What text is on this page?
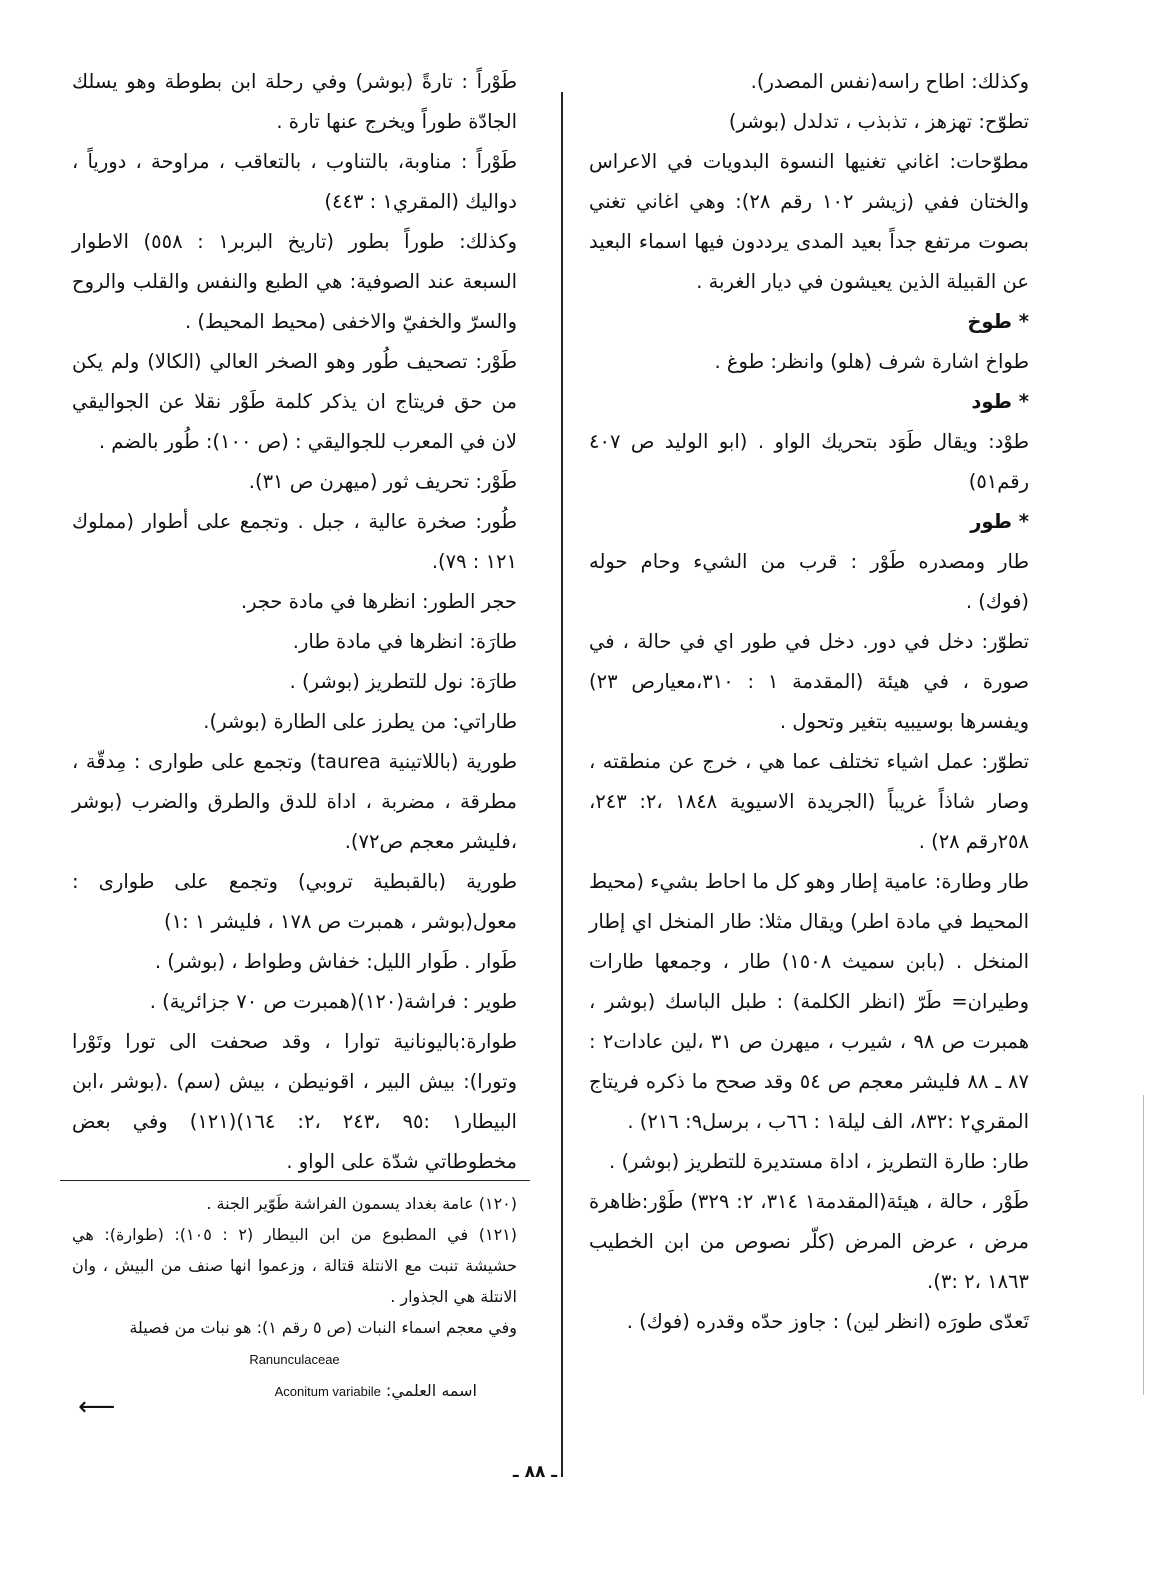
وكذلك: اطاح راسه(نفس المصدر).

تطوّح: تهزهز ، تذبذب ، تدلدل (بوشر)

مطوّحات: اغاني تغنيها النسوة البدويات في الاعراس والختان ففي (زيشر ١٠٢ رقم ٢٨): وهي اغاني تغني بصوت مرتفع جداً بعيد المدى يرددون فيها اسماء البعيد عن القبيلة الذين يعيشون في ديار الغربة .

* طوخ

طواخ اشارة شرف (هلو) وانظر: طوغ .

* طود

طوْد: ويقال طَوَد بتحريك الواو . (ابو الوليد ص ٤٠٧ رقم٥١)

* طور

طار ومصدره طَوْر : قرب من الشيء وحام حوله (فوك) .

تطوّر: دخل في دور. دخل في طور اي في حالة ، في صورة ، في هيئة (المقدمة ١ : ٣١٠،معيارص ٢٣) ويفسرها بوسيبيه بتغير وتحول .

تطوّر: عمل اشياء تختلف عما هي ، خرج عن منطقته ، وصار شاذاً غريباً (الجريدة الاسيوية ١٨٤٨ ،٢: ٢٤٣، ٢٥٨رقم ٢٨) .

طار وطارة: عامية إطار وهو كل ما احاط بشيء (محيط المحيط في مادة اطر) ويقال مثلا: طار المنخل اي إطار المنخل . (بابن سميث ١٥٠٨) طار ، وجمعها طارات وطيران= طَرّ (انظر الكلمة) : طبل الباسك (بوشر ، همبرت ص ٩٨ ، شيرب ، ميهرن ص ٣١ ،لين عادات٢ : ٨٧ ـ ٨٨ فليشر معجم ص ٥٤ وقد صحح ما ذكره فريتاج المقري٢ :٨٣٢، الف ليلة١ : ٦٦ب ، برسل٩: ٢١٦) .

طار: طارة التطريز ، اداة مستديرة للتطريز (بوشر) .

طَوْر ، حالة ، هيئة(المقدمة١ ٣١٤، ٢: ٣٢٩) طَوْر:ظاهرة مرض ، عرض المرض (كلّر نصوص من ابن الخطيب ١٨٦٣ ،٢ :٣).

تَعدّى طورَه (انظر لين) : جاوز حدّه وقدره (فوك) .

طَوْراً : تارةً (بوشر) وفي رحلة ابن بطوطة وهو يسلك الجادّة طوراً ويخرج عنها تارة .

طَوْراً : مناوبة، بالتناوب ، بالتعاقب ، مراوحة ، دورياً ، دواليك (المقري١ : ٤٤٣)

وكذلك: طوراً بطور (تاريخ البربر١ : ٥٥٨) الاطوار السبعة عند الصوفية: هي الطبع والنفس والقلب والروح والسرّ والخفيّ والاخفى (محيط المحيط) .

طَوْر: تصحيف طُور وهو الصخر العالي (الكالا) ولم يكن من حق فريتاج ان يذكر كلمة طَوْر نقلا عن الجواليقي لان في المعرب للجواليقي : (ص ١٠٠): طُور بالضم .

طَوْر: تحريف ثور (ميهرن ص ٣١).

طُور: صخرة عالية ، جبل . وتجمع على أطوار (مملوك ١٢١ : ٧٩).

حجر الطور: انظرها في مادة حجر.

طارَة: انظرها في مادة طار.

طارَة: نول للتطريز (بوشر) .

طاراتي: من يطرز على الطارة (بوشر).

طورية (باللاتينية taurea) وتجمع على طوارى : مِدقّة ، مطرقة ، مضربة ، اداة للدق والطرق والضرب (بوشر ،فليشر معجم ص٧٢).

طورية (بالقبطية تروبي) وتجمع على طوارى : معول(بوشر ، همبرت ص ١٧٨ ، فليشر ١ :١)

طَوار . طَوار الليل: خفاش وطواط ، (بوشر) .

طوير : فراشة(١٢٠)(همبرت ص ٧٠ جزائرية) .

طوارة:باليونانية توارا ، وقد صحفت الى تورا وتَوْرا وتورا): بيش البير ، اقونيطن ، بيش (سم) .(بوشر ،ابن البيطار١ :٩٥ ،٢٤٣ ،٢: ١٦٤)(١٢١) وفي بعض مخطوطاتي شدّة على الواو .

(١٢٠) عامة بغداد يسمون الفراشة طَوّير الجنة .

(١٢١) في المطبوع من ابن البيطار (٢ : ١٠٥): (طوارة): هي حشيشة تنبت مع الانتلة قتالة ، وزعموا انها صنف من البيش ، وان الانتلة هي الجذوار .

وفي معجم اسماء النبات (ص ٥ رقم ١): هو نبات من فصيلة

Ranunculaceae

اسمه العلمي: Aconitum variabile

⟵
ـ ٨٨ ـ
